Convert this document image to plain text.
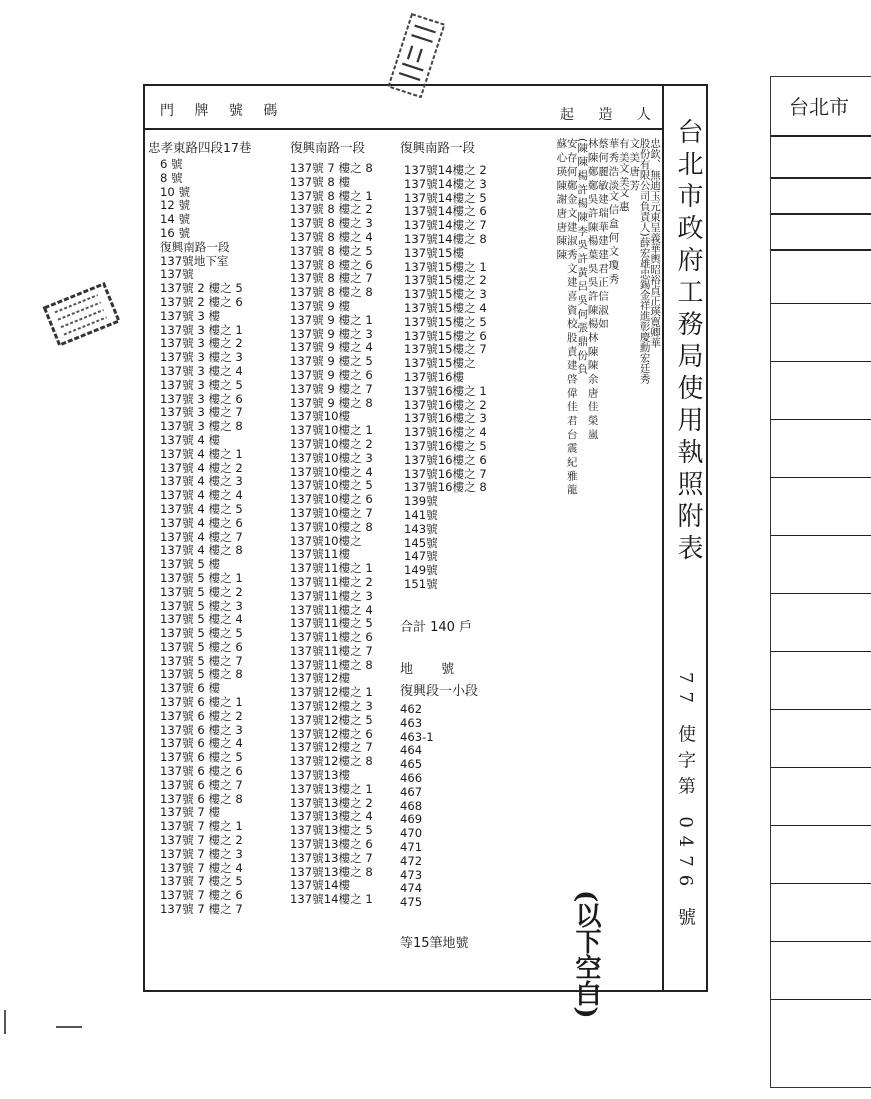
門 牌 號 碼	起 造 人
忠孝東路四段17巷
6 號
8 號
10 號
12 號
14 號
16 號
復興南路一段
137號地下室
137號
137號 2 樓之 5
137號 2 樓之 6
137號 3 樓
137號 3 樓之 1
137號 3 樓之 2
137號 3 樓之 3
137號 3 樓之 4
137號 3 樓之 5
137號 3 樓之 6
137號 3 樓之 7
137號 3 樓之 8
137號 4 樓
137號 4 樓之 1
137號 4 樓之 2
137號 4 樓之 3
137號 4 樓之 4
137號 4 樓之 5
137號 4 樓之 6
137號 4 樓之 7
137號 4 樓之 8
137號 5 樓
137號 5 樓之 1
137號 5 樓之 2
137號 5 樓之 3
137號 5 樓之 4
137號 5 樓之 5
137號 5 樓之 6
137號 5 樓之 7
137號 5 樓之 8
137號 6 樓
137號 6 樓之 1
137號 6 樓之 2
137號 6 樓之 3
137號 6 樓之 4
137號 6 樓之 5
137號 6 樓之 6
137號 6 樓之 7
137號 6 樓之 8
137號 7 樓
137號 7 樓之 1
137號 7 樓之 2
137號 7 樓之 3
137號 7 樓之 4
137號 7 樓之 5
137號 7 樓之 6
137號 7 樓之 7
復興南路一段
137號 7 樓之 8
137號 8 樓
137號 8 樓之 1
137號 8 樓之 2
137號 8 樓之 3
137號 8 樓之 4
137號 8 樓之 5
137號 8 樓之 6
137號 8 樓之 7
137號 8 樓之 8
137號 9 樓
137號 9 樓之 1
137號 9 樓之 3
137號 9 樓之 4
137號 9 樓之 5
137號 9 樓之 6
137號 9 樓之 7
137號 9 樓之 8
137號10樓
137號10樓之 1
137號10樓之 2
137號10樓之 3
137號10樓之 4
137號10樓之 5
137號10樓之 6
137號10樓之 7
137號10樓之 8
137號10樓之
137號11樓
137號11樓之 1
137號11樓之 2
137號11樓之 3
137號11樓之 4
137號11樓之 5
137號11樓之 6
137號11樓之 7
137號11樓之 8
137號12樓
137號12樓之 1
137號12樓之 3
137號12樓之 5
137號12樓之 6
137號12樓之 7
137號12樓之 8
137號13樓
137號13樓之 1
137號13樓之 2
137號13樓之 4
137號13樓之 5
137號13樓之 6
137號13樓之 7
137號13樓之 8
137號14樓
137號14樓之 1
復興南路一段
137號14樓之 2
137號14樓之 3
137號14樓之 5
137號14樓之 6
137號14樓之 7
137號14樓之 8
137號15樓
137號15樓之 1
137號15樓之 2
137號15樓之 3
137號15樓之 4
137號15樓之 5
137號15樓之 6
137號15樓之 7
137號15樓之
137號16樓
137號16樓之 1
137號16樓之 2
137號16樓之 3
137號16樓之 4
137號16樓之 5
137號16樓之 6
137號16樓之 7
137號16樓之 8
139號
141號
143號
145號
147號
149號
151號
合計 140 戶
地 號
復興段一小段
462
463
463-1
464
465
466
467
468
469
470
471
472
473
474
475
等15筆地號
忠欽、無迪玉元東呈義華輿昭裕貞正瑛寛卿華
股份有限公司負責人)薛宏雄忠錫金祥進彰慶勳宏廷秀
文 美 唐 芳
有 美文 美文 惠
華 秀 浩 淡文 信 盒 何 文 瓊 秀
蔡 何 麗 敏 建 瑞 華 建 建 君 正 信 淑 如
林 陳 鄭 鄭 吳 許 陳 楊 葉 吳 吳 許 陳 楊 林 陳 陳 余 唐 佳 榮 嵐
(陳 陳 楊 許 楊 陳 李 吳 許 黃 呂 吳 何 張 鼎 份 負
安 存 何 鄭 金 文 建 淑 秀 文 建 喜 資 校 股 責 建 啓 偉 佳 君 台 震 紀 雅 龍
蘇 心 瑛 陳 謝 唐 唐 陳 陳
(以下空白)
台北市政府工務局使用執照附表
77 使字第 0476 號
台北市
